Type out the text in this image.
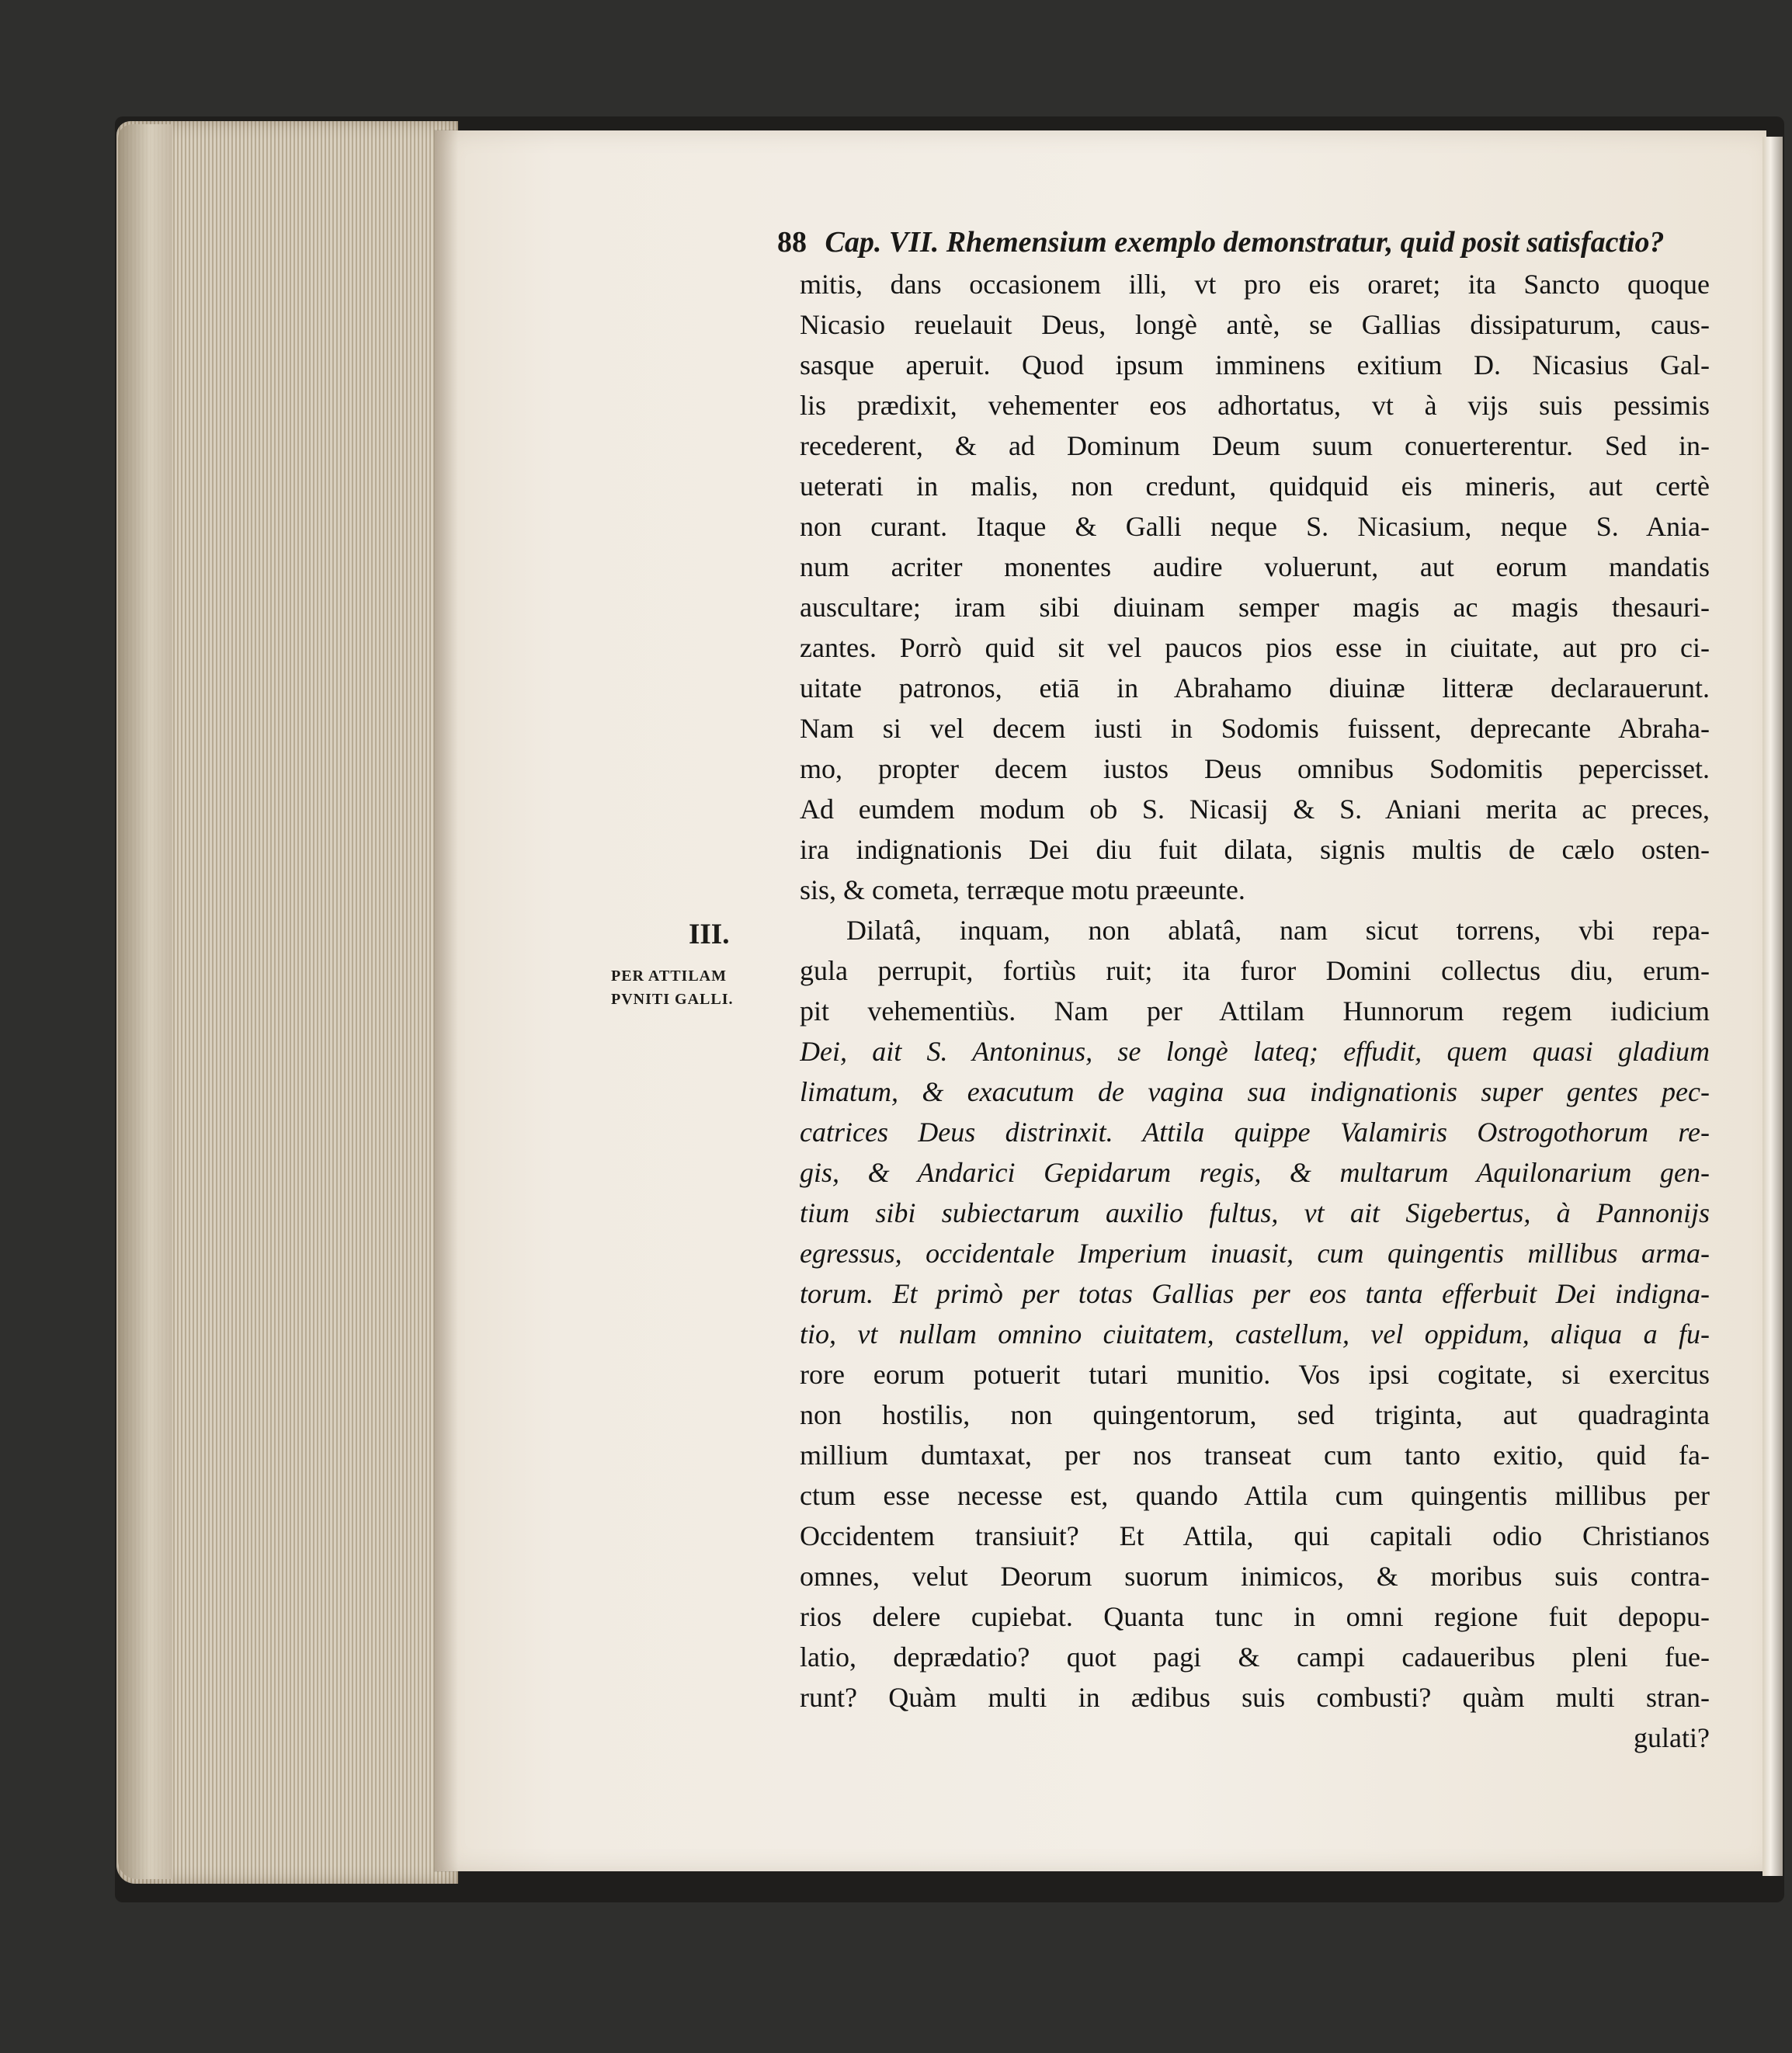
88 Cap. VII. Rhemensium exemplo demonstratur, quid posit satisfactio?
III.
PER ATTILAM
PVNITI GALLI.
mitis, dans occasionem illi, vt pro eis oraret; ita Sancto quoque
Nicasio reuelauit Deus, longè antè, se Gallias dissipaturum, caus-
sasque aperuit. Quod ipsum imminens exitium D. Nicasius Gal-
lis prædixit, vehementer eos adhortatus, vt à vijs suis pessimis
recederent, & ad Dominum Deum suum conuerterentur. Sed in-
ueterati in malis, non credunt, quidquid eis mineris, aut certè
non curant. Itaque & Galli neque S. Nicasium, neque S. Ania-
num acriter monentes audire voluerunt, aut eorum mandatis
auscultare; iram sibi diuinam semper magis ac magis thesauri-
zantes. Porrò quid sit vel paucos pios esse in ciuitate, aut pro ci-
uitate patronos, etiā in Abrahamo diuinæ litteræ declarauerunt.
Nam si vel decem iusti in Sodomis fuissent, deprecante Abraha-
mo, propter decem iustos Deus omnibus Sodomitis pepercisset.
Ad eumdem modum ob S. Nicasij & S. Aniani merita ac preces,
ira indignationis Dei diu fuit dilata, signis multis de cælo osten-
sis, & cometa, terræque motu præeunte.
Dilatâ, inquam, non ablatâ, nam sicut torrens, vbi repa-
gula perrupit, fortiùs ruit; ita furor Domini collectus diu, erum-
pit vehementiùs. Nam per Attilam Hunnorum regem iudicium
Dei, ait S. Antoninus, se longè lateq; effudit, quem quasi gladium
limatum, & exacutum de vagina sua indignationis super gentes pec-
catrices Deus distrinxit. Attila quippe Valamiris Ostrogothorum re-
gis, & Andarici Gepidarum regis, & multarum Aquilonarium gen-
tium sibi subiectarum auxilio fultus, vt ait Sigebertus, à Pannonijs
egressus, occidentale Imperium inuasit, cum quingentis millibus arma-
torum. Et primò per totas Gallias per eos tanta efferbuit Dei indigna-
tio, vt nullam omnino ciuitatem, castellum, vel oppidum, aliqua a fu-
rore eorum potuerit tutari munitio. Vos ipsi cogitate, si exercitus
non hostilis, non quingentorum, sed triginta, aut quadraginta
millium dumtaxat, per nos transeat cum tanto exitio, quid fa-
ctum esse necesse est, quando Attila cum quingentis millibus per
Occidentem transiuit? Et Attila, qui capitali odio Christianos
omnes, velut Deorum suorum inimicos, & moribus suis contra-
rios delere cupiebat. Quanta tunc in omni regione fuit depopu-
latio, deprædatio? quot pagi & campi cadaueribus pleni fue-
runt? Quàm multi in ædibus suis combusti? quàm multi stran-
gulati?
